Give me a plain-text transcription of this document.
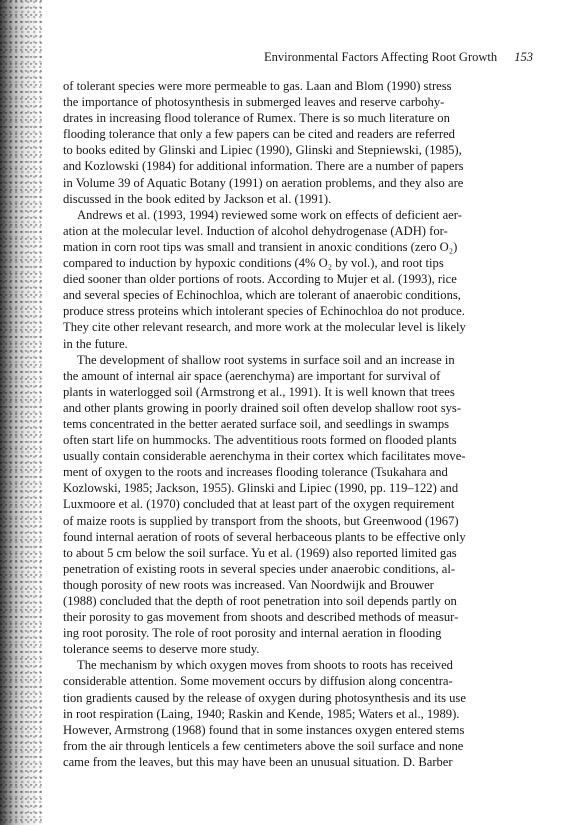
Environmental Factors Affecting Root Growth 153
of tolerant species were more permeable to gas. Laan and Blom (1990) stress
the importance of photosynthesis in submerged leaves and reserve carbohy-
drates in increasing flood tolerance of Rumex. There is so much literature on
flooding tolerance that only a few papers can be cited and readers are referred
to books edited by Glinski and Lipiec (1990), Glinski and Stepniewski, (1985),
and Kozlowski (1984) for additional information. There are a number of papers
in Volume 39 of Aquatic Botany (1991) on aeration problems, and they also are
discussed in the book edited by Jackson et al. (1991).
Andrews et al. (1993, 1994) reviewed some work on effects of deficient aer-
ation at the molecular level. Induction of alcohol dehydrogenase (ADH) for-
mation in corn root tips was small and transient in anoxic conditions (zero O₂)
compared to induction by hypoxic conditions (4% O₂ by vol.), and root tips
died sooner than older portions of roots. According to Mujer et al. (1993), rice
and several species of Echinochloa, which are tolerant of anaerobic conditions,
produce stress proteins which intolerant species of Echinochloa do not produce.
They cite other relevant research, and more work at the molecular level is likely
in the future.
The development of shallow root systems in surface soil and an increase in
the amount of internal air space (aerenchyma) are important for survival of
plants in waterlogged soil (Armstrong et al., 1991). It is well known that trees
and other plants growing in poorly drained soil often develop shallow root sys-
tems concentrated in the better aerated surface soil, and seedlings in swamps
often start life on hummocks. The adventitious roots formed on flooded plants
usually contain considerable aerenchyma in their cortex which facilitates move-
ment of oxygen to the roots and increases flooding tolerance (Tsukahara and
Kozlowski, 1985; Jackson, 1955). Glinski and Lipiec (1990, pp. 119–122) and
Luxmoore et al. (1970) concluded that at least part of the oxygen requirement
of maize roots is supplied by transport from the shoots, but Greenwood (1967)
found internal aeration of roots of several herbaceous plants to be effective only
to about 5 cm below the soil surface. Yu et al. (1969) also reported limited gas
penetration of existing roots in several species under anaerobic conditions, al-
though porosity of new roots was increased. Van Noordwijk and Brouwer
(1988) concluded that the depth of root penetration into soil depends partly on
their porosity to gas movement from shoots and described methods of measur-
ing root porosity. The role of root porosity and internal aeration in flooding
tolerance seems to deserve more study.
The mechanism by which oxygen moves from shoots to roots has received
considerable attention. Some movement occurs by diffusion along concentra-
tion gradients caused by the release of oxygen during photosynthesis and its use
in root respiration (Laing, 1940; Raskin and Kende, 1985; Waters et al., 1989).
However, Armstrong (1968) found that in some instances oxygen entered stems
from the air through lenticels a few centimeters above the soil surface and none
came from the leaves, but this may have been an unusual situation. D. Barber
